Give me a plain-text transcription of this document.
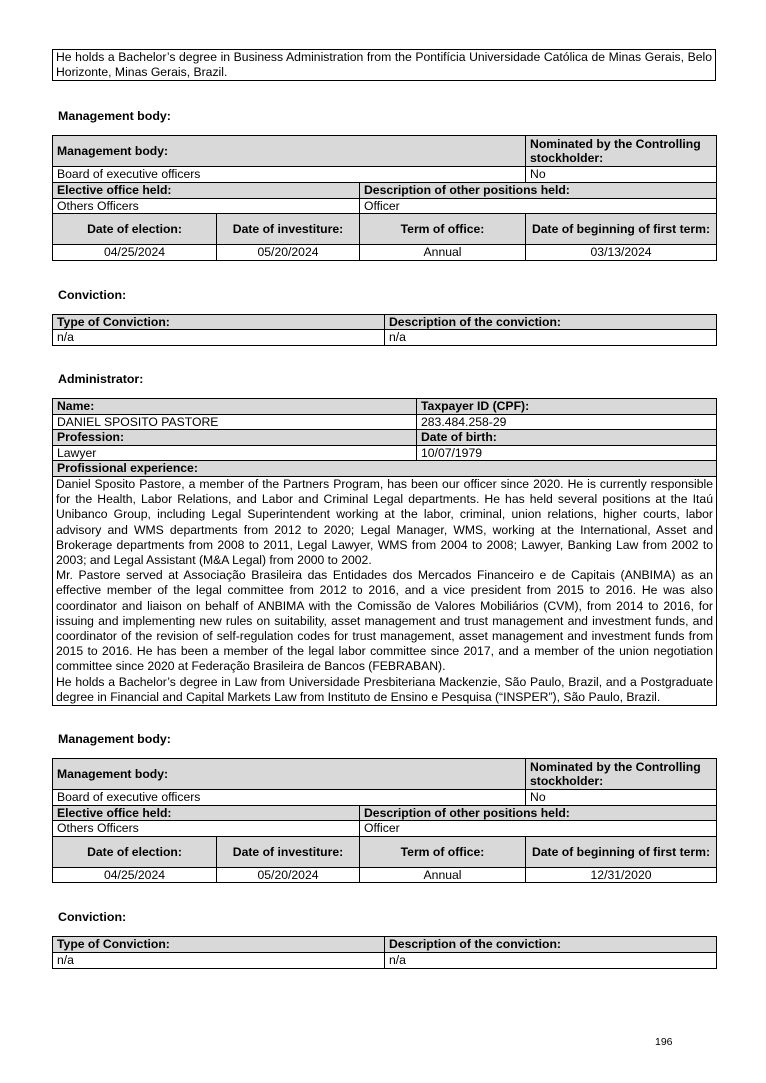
He holds a Bachelor’s degree in Business Administration from the Pontifícia Universidade Católica de Minas Gerais, Belo Horizonte, Minas Gerais, Brazil.
Management body:
Management body:			Nominated by the Controlling stockholder:
Board of executive officers			No
Elective office held:		Description of other positions held:	
Others Officers		Officer	
Date of election:	Date of investiture:	Term of office:	Date of beginning of first term:
04/25/2024	05/20/2024	Annual	03/13/2024
Conviction:
Type of Conviction:	Description of the conviction:
n/a	n/a
Administrator:
Name:	Taxpayer ID (CPF):
DANIEL SPOSITO PASTORE	283.484.258-29
Profession:	Date of birth:
Lawyer	10/07/1979
Profissional experience:	

Daniel Sposito Pastore, a member of the Partners Program, has been our officer since 2020. He is currently responsible for the Health, Labor Relations, and Labor and Criminal Legal departments. He has held several positions at the Itaú Unibanco Group, including Legal Superintendent working at the labor, criminal, union relations, higher courts, labor advisory and WMS departments from 2012 to 2020; Legal Manager, WMS, working at the International, Asset and Brokerage departments from 2008 to 2011, Legal Lawyer, WMS from 2004 to 2008; Lawyer, Banking Law from 2002 to 2003; and Legal Assistant (M&A Legal) from 2000 to 2002.
Mr. Pastore served at Associação Brasileira das Entidades dos Mercados Financeiro e de Capitais (ANBIMA) as an effective member of the legal committee from 2012 to 2016, and a vice president from 2015 to 2016. He was also coordinator and liaison on behalf of ANBIMA with the Comissão de Valores Mobiliários (CVM), from 2014 to 2016, for issuing and implementing new rules on suitability, asset management and trust management and investment funds, and coordinator of the revision of self-regulation codes for trust management, asset management and investment funds from 2015 to 2016. He has been a member of the legal labor committee since 2017, and a member of the union negotiation committee since 2020 at Federação Brasileira de Bancos (FEBRABAN).
He holds a Bachelor’s degree in Law from Universidade Presbiteriana Mackenzie, São Paulo, Brazil, and a Postgraduate degree in Financial and Capital Markets Law from Instituto de Ensino e Pesquisa (“INSPER”), São Paulo, Brazil.	
Management body:
Management body:			Nominated by the Controlling stockholder:
Board of executive officers			No
Elective office held:		Description of other positions held:	
Others Officers		Officer	
Date of election:	Date of investiture:	Term of office:	Date of beginning of first term:
04/25/2024	05/20/2024	Annual	12/31/2020
Conviction:
Type of Conviction:	Description of the conviction:
n/a	n/a
196
